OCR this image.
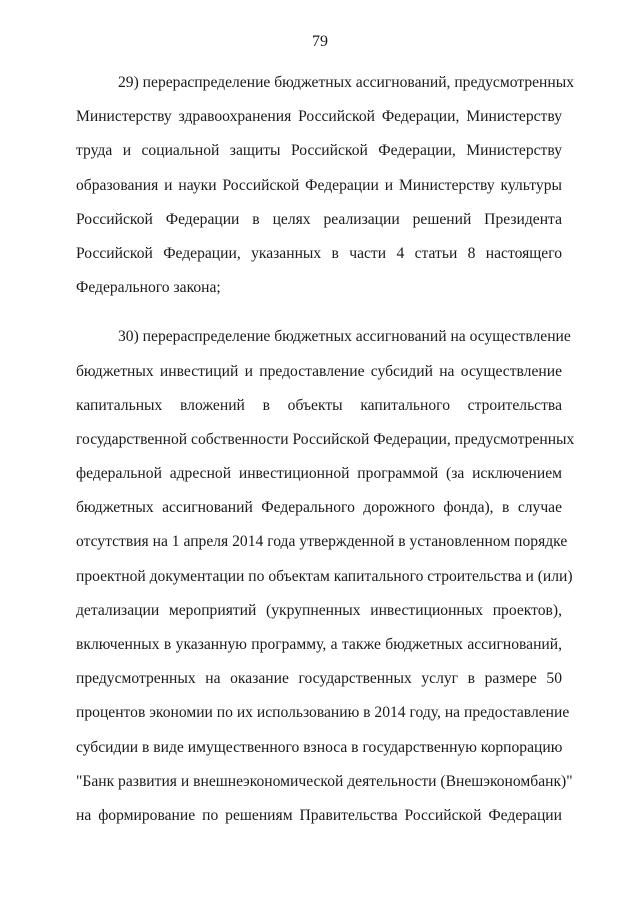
79
29) перераспределение бюджетных ассигнований, предусмотренных
Министерству здравоохранения Российской Федерации, Министерству
труда и социальной защиты Российской Федерации, Министерству
образования и науки Российской Федерации и Министерству культуры
Российской Федерации в целях реализации решений Президента
Российской Федерации, указанных в части 4 статьи 8 настоящего
Федерального закона;
30) перераспределение бюджетных ассигнований на осуществление
бюджетных инвестиций и предоставление субсидий на осуществление
капитальных вложений в объекты капитального строительства
государственной собственности Российской Федерации, предусмотренных
федеральной адресной инвестиционной программой (за исключением
бюджетных ассигнований Федерального дорожного фонда), в случае
отсутствия на 1 апреля 2014 года утвержденной в установленном порядке
проектной документации по объектам капитального строительства и (или)
детализации мероприятий (укрупненных инвестиционных проектов),
включенных в указанную программу, а также бюджетных ассигнований,
предусмотренных на оказание государственных услуг в размере 50
процентов экономии по их использованию в 2014 году, на предоставление
субсидии в виде имущественного взноса в государственную корпорацию
"Банк развития и внешнеэкономической деятельности (Внешэкономбанк)"
на формирование по решениям Правительства Российской Федерации
